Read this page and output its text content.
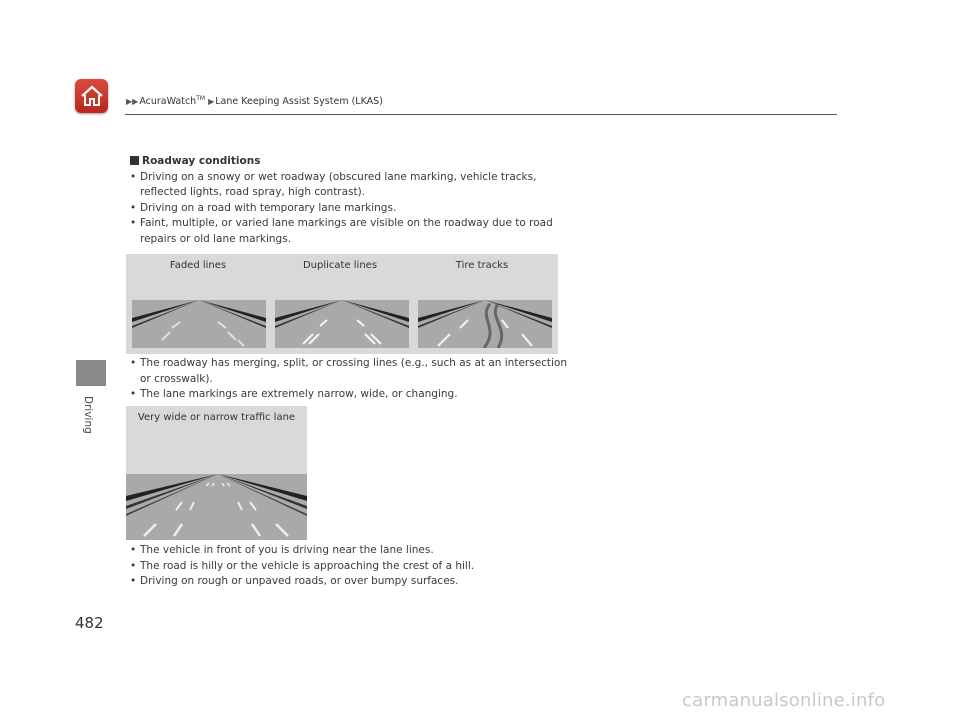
▶▶AcuraWatch™ ▶Lane Keeping Assist System (LKAS)
Driving
Roadway conditions
• Driving on a snowy or wet roadway (obscured lane marking, vehicle tracks, reflected lights, road spray, high contrast).
• Driving on a road with temporary lane markings.
• Faint, multiple, or varied lane markings are visible on the roadway due to road repairs or old lane markings.
Faded lines	Duplicate lines	Tire tracks
• The roadway has merging, split, or crossing lines (e.g., such as at an intersection or crosswalk).
• The lane markings are extremely narrow, wide, or changing.
Very wide or narrow traffic lane
• The vehicle in front of you is driving near the lane lines.
• The road is hilly or the vehicle is approaching the crest of a hill.
• Driving on rough or unpaved roads, or over bumpy surfaces.
482
carmanualsonline.info
